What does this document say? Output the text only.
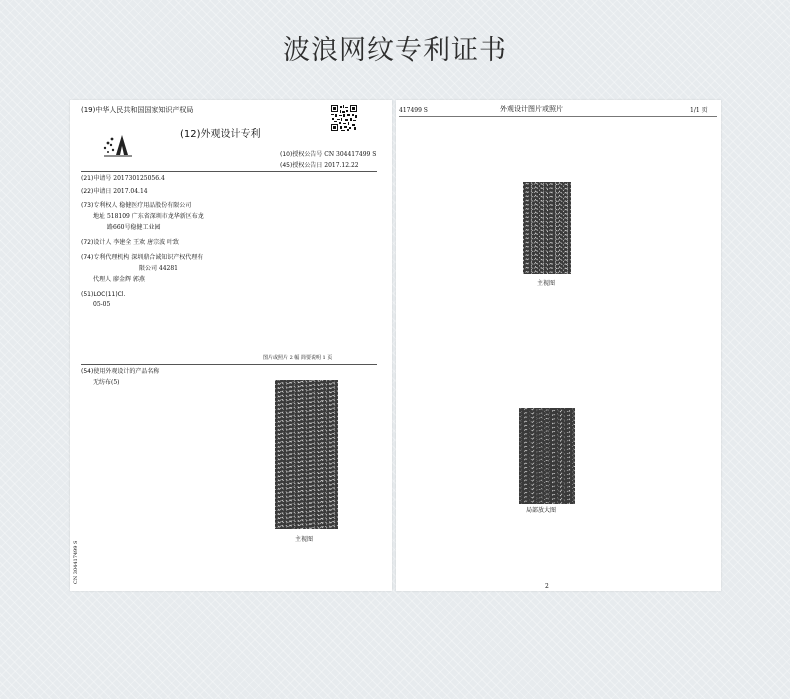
波浪网纹专利证书
(19)中华人民共和国国家知识产权局
(12)外观设计专利
(10)授权公告号 CN 304417499 S
(45)授权公告日 2017.12.22
(21)申请号 201730125056.4
(22)申请日 2017.04.14
(73)专利权人 稳健医疗用品股份有限公司
地址 518109 广东省深圳市龙华新区布龙
路660号稳健工业园
(72)设计人 李建全 王欢 唐宗波 叶致
(74)专利代理机构 深圳鼎合诚知识产权代理有
限公司 44281
代理人 廖金辉 郭燕
(51)LOC(11)Cl.
05-05
图片或照片 2 幅 简要说明 1 页
(54)使用外观设计的产品名称
无纺布(5)
主视图
CN 304417499 S
417499 S	外观设计图片或照片	1/1 页
主视图
局部放大图
2
